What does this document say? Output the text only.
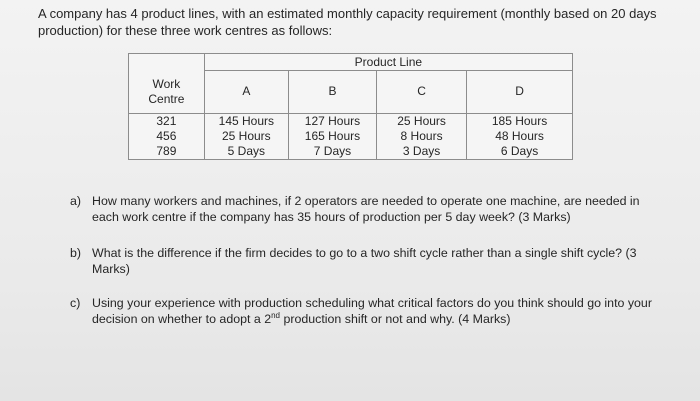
A company has 4 product lines, with an estimated monthly capacity requirement (monthly based on 20 days production) for these three work centres as follows:

	Product Line			
Work Centre	A	B	C	D
321	145 Hours	127 Hours	25 Hours	185 Hours
456	25 Hours	165 Hours	8 Hours	48 Hours
789	5 Days	7 Days	3 Days	6 Days
a) How many workers and machines, if 2 operators are needed to operate one machine, are needed in each work centre if the company has 35 hours of production per 5 day week? (3 Marks)
b) What is the difference if the firm decides to go to a two shift cycle rather than a single shift cycle? (3 Marks)
c) Using your experience with production scheduling what critical factors do you think should go into your decision on whether to adopt a 2nd production shift or not and why. (4 Marks)
